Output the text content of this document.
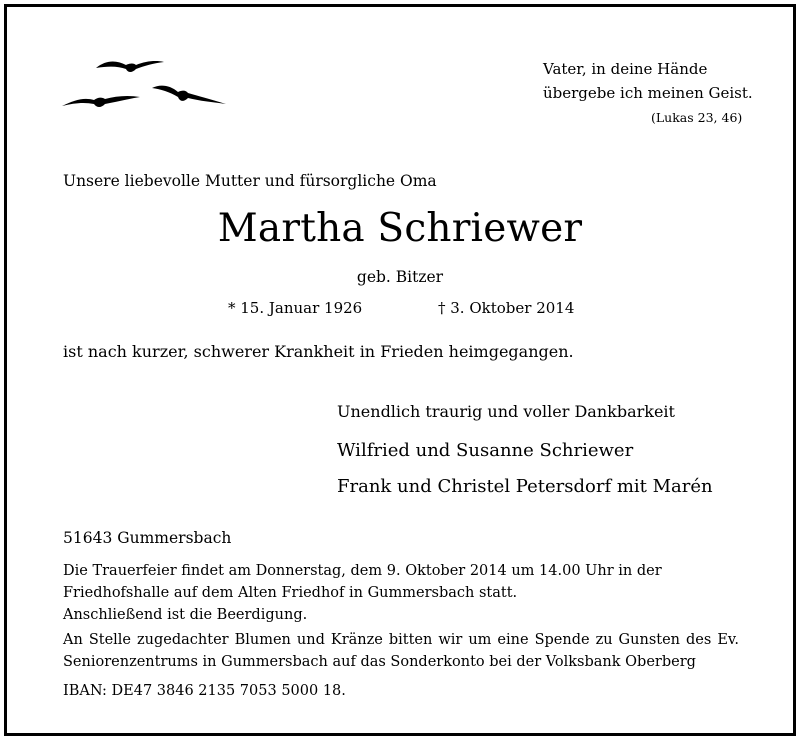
Vater, in deine Hände
übergebe ich meinen Geist.
(Lukas 23, 46)
Unsere liebevolle Mutter und fürsorgliche Oma
Martha Schriewer
geb. Bitzer
* 15. Januar 1926	† 3. Oktober 2014
ist nach kurzer, schwerer Krankheit in Frieden heimgegangen.
Unendlich traurig und voller Dankbarkeit
Wilfried und Susanne Schriewer
Frank und Christel Petersdorf mit Marén
51643 Gummersbach
Die Trauerfeier findet am Donnerstag, dem 9. Oktober 2014 um 14.00 Uhr in der Friedhofshalle auf dem Alten Friedhof in Gummersbach statt.
Anschließend ist die Beerdigung.
An Stelle zugedachter Blumen und Kränze bitten wir um eine Spende zu Gunsten des Ev. Seniorenzentrums in Gummersbach auf das Sonderkonto bei der Volksbank Oberberg
IBAN: DE47 3846 2135 7053 5000 18.
